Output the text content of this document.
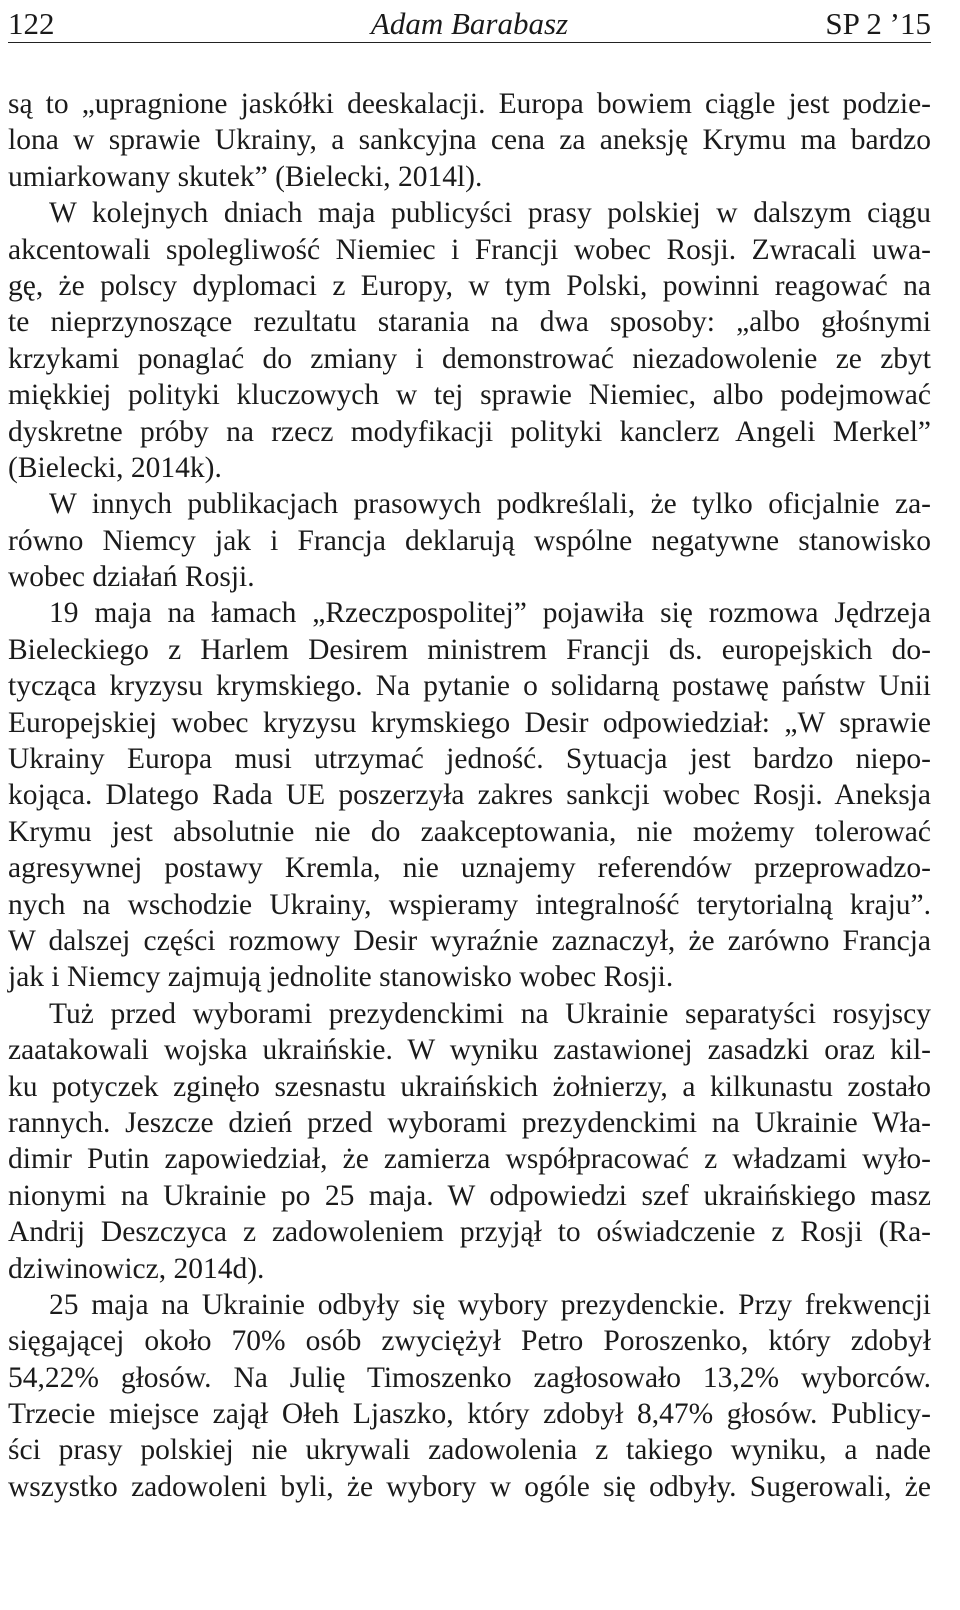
122	Adam Barabasz	SP 2 ’15
są to „upragnione jaskółki deeskalacji. Europa bowiem ciągle jest podzie-
lona w sprawie Ukrainy, a sankcyjna cena za aneksję Krymu ma bardzo
umiarkowany skutek” (Bielecki, 2014l).
W kolejnych dniach maja publicyści prasy polskiej w dalszym ciągu
akcentowali spolegliwość Niemiec i Francji wobec Rosji. Zwracali uwa-
gę, że polscy dyplomaci z Europy, w tym Polski, powinni reagować na
te nieprzynoszące rezultatu starania na dwa sposoby: „albo głośnymi
krzykami ponaglać do zmiany i demonstrować niezadowolenie ze zbyt
miękkiej polityki kluczowych w tej sprawie Niemiec, albo podejmować
dyskretne próby na rzecz modyfikacji polityki kanclerz Angeli Merkel”
(Bielecki, 2014k).
W innych publikacjach prasowych podkreślali, że tylko oficjalnie za-
równo Niemcy jak i Francja deklarują wspólne negatywne stanowisko
wobec działań Rosji.
19 maja na łamach „Rzeczpospolitej” pojawiła się rozmowa Jędrzeja
Bieleckiego z Harlem Desirem ministrem Francji ds. europejskich do-
tycząca kryzysu krymskiego. Na pytanie o solidarną postawę państw Unii
Europejskiej wobec kryzysu krymskiego Desir odpowiedział: „W sprawie
Ukrainy Europa musi utrzymać jedność. Sytuacja jest bardzo niepo-
kojąca. Dlatego Rada UE poszerzyła zakres sankcji wobec Rosji. Aneksja
Krymu jest absolutnie nie do zaakceptowania, nie możemy tolerować
agresywnej postawy Kremla, nie uznajemy referendów przeprowadzo-
nych na wschodzie Ukrainy, wspieramy integralność terytorialną kraju”.
W dalszej części rozmowy Desir wyraźnie zaznaczył, że zarówno Francja
jak i Niemcy zajmują jednolite stanowisko wobec Rosji.
Tuż przed wyborami prezydenckimi na Ukrainie separatyści rosyjscy
zaatakowali wojska ukraińskie. W wyniku zastawionej zasadzki oraz kil-
ku potyczek zginęło szesnastu ukraińskich żołnierzy, a kilkunastu zostało
rannych. Jeszcze dzień przed wyborami prezydenckimi na Ukrainie Wła-
dimir Putin zapowiedział, że zamierza współpracować z władzami wyło-
nionymi na Ukrainie po 25 maja. W odpowiedzi szef ukraińskiego masz
Andrij Deszczyca z zadowoleniem przyjął to oświadczenie z Rosji (Ra-
dziwinowicz, 2014d).
25 maja na Ukrainie odbyły się wybory prezydenckie. Przy frekwencji
sięgającej około 70% osób zwyciężył Petro Poroszenko, który zdobył
54,22% głosów. Na Julię Timoszenko zagłosowało 13,2% wyborców.
Trzecie miejsce zajął Ołeh Ljaszko, który zdobył 8,47% głosów. Publicy-
ści prasy polskiej nie ukrywali zadowolenia z takiego wyniku, a nade
wszystko zadowoleni byli, że wybory w ogóle się odbyły. Sugerowali, że
